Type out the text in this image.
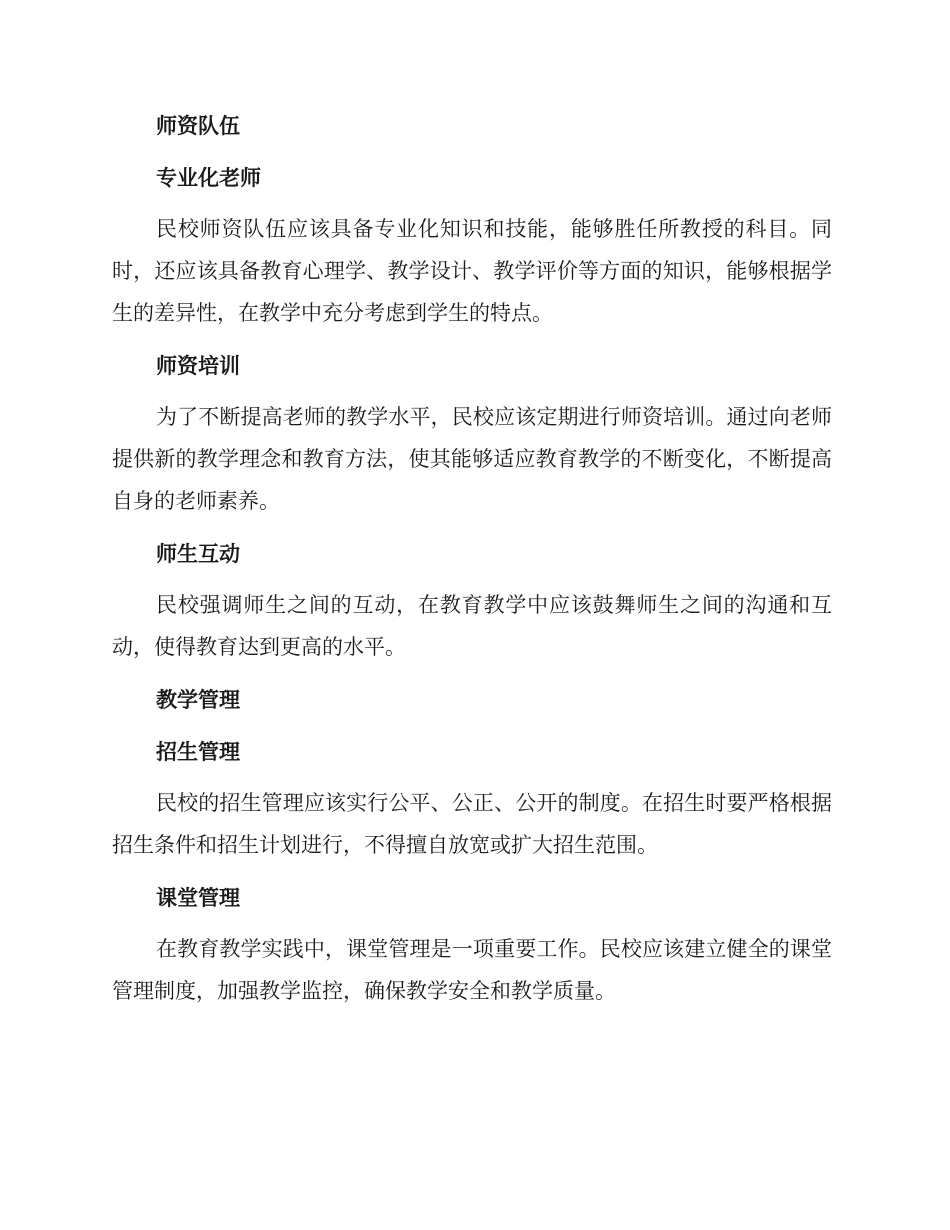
师资队伍
专业化老师

民校师资队伍应该具备专业化知识和技能，能够胜任所教授的科目。同时，还应该具备教育心理学、教学设计、教学评价等方面的知识，能够根据学生的差异性，在教学中充分考虑到学生的特点。

师资培训

为了不断提高老师的教学水平，民校应该定期进行师资培训。通过向老师提供新的教学理念和教育方法，使其能够适应教育教学的不断变化，不断提高自身的老师素养。

师生互动

民校强调师生之间的互动，在教育教学中应该鼓舞师生之间的沟通和互动，使得教育达到更高的水平。

教学管理
招生管理

民校的招生管理应该实行公平、公正、公开的制度。在招生时要严格根据招生条件和招生计划进行，不得擅自放宽或扩大招生范围。

课堂管理

在教育教学实践中，课堂管理是一项重要工作。民校应该建立健全的课堂管理制度，加强教学监控，确保教学安全和教学质量。
